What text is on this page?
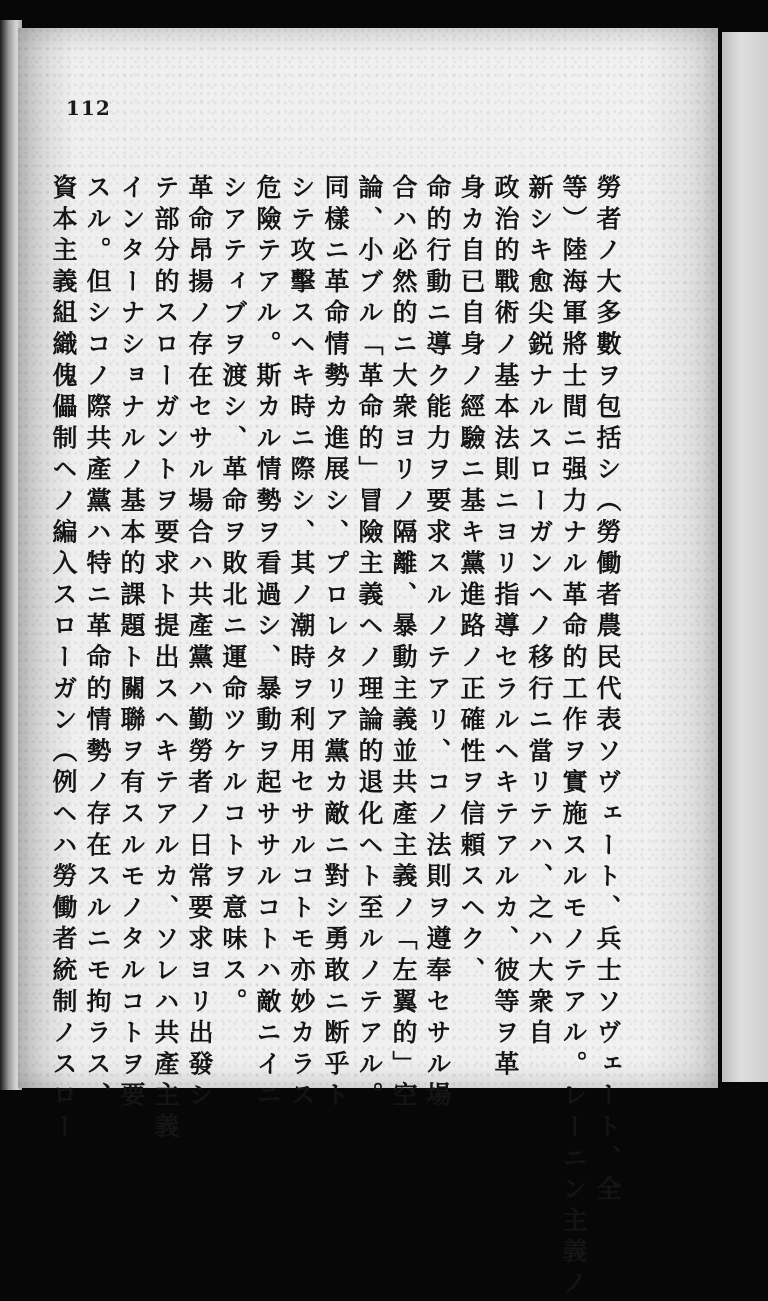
112
勞者ノ大多數ヲ包括シ（勞働者農民代表ソヴェート、兵士ソヴェート、全
等）陸海軍將士間ニ强力ナル革命的工作ヲ實施スルモノテアル。レーニン主義ノ
新シキ愈尖鋭ナルスローガンヘノ移行ニ當リテハ、之ハ大衆自
政治的戰術ノ基本法則ニヨリ指導セラルヘキテアルカ、彼等ヲ革
身カ自已自身ノ經驗ニ基キ黨進路ノ正確性ヲ信頼スヘク、
命的行動ニ導ク能力ヲ要求スルノテアリ、コノ法則ヲ遵奉セサル場
合ハ必然的ニ大衆ヨリノ隔離、暴動主義並共產主義ノ「左翼的」空
論、小ブル「革命的」冒險主義ヘノ理論的退化ヘト至ルノテアル。
同樣ニ革命情勢カ進展シ、プロレタリア黨カ敵ニ對シ勇敢ニ断乎ト
シテ攻擊スヘキ時ニ際シ、其ノ潮時ヲ利用セサルコトモ亦妙カラス
危險テアル。斯カル情勢ヲ看過シ、暴動ヲ起ササルコトハ敵ニイニ
シアティブヲ渡シ、革命ヲ敗北ニ運命ツケルコトヲ意味ス。
革命昂揚ノ存在セサル場合ハ共產黨ハ勤勞者ノ日常要求ヨリ出發シ
テ部分的スローガントヲ要求ト提出スヘキテアルカ、ソレハ共產主義
インターナショナルノ基本的課題ト關聯ヲ有スルモノタルコトヲ要
スル。但シコノ際共產黨ハ特ニ革命的情勢ノ存在スルニモ拘ラス、
資本主義組織傀儡制ヘノ編入スローガン（例ヘハ勞働者統制ノスロー
